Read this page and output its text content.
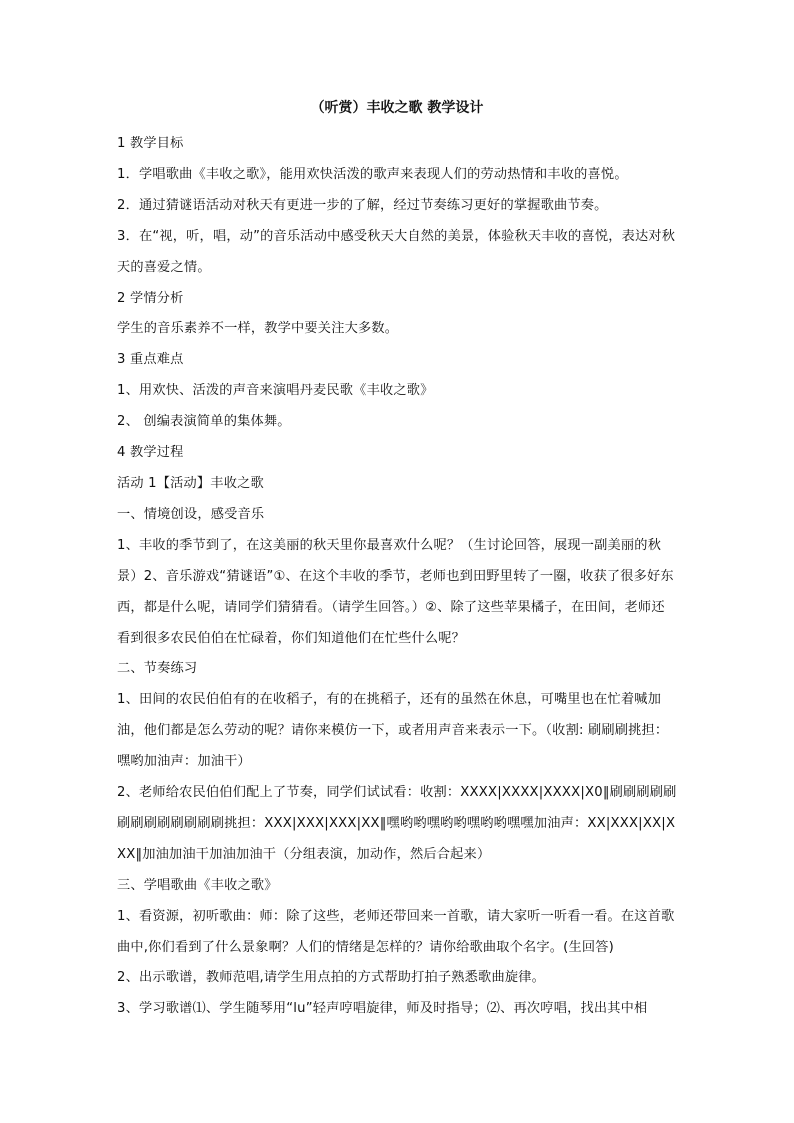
（听赏）丰收之歌 教学设计

1 教学目标

1．学唱歌曲《丰收之歌》，能用欢快活泼的歌声来表现人们的劳动热情和丰收的喜悦。

2．通过猜谜语活动对秋天有更进一步的了解，经过节奏练习更好的掌握歌曲节奏。

3．在“视，听，唱，动”的音乐活动中感受秋天大自然的美景，体验秋天丰收的喜悦，表达对秋天的喜爱之情。

2 学情分析

学生的音乐素养不一样，教学中要关注大多数。

3 重点难点

1、用欢快、活泼的声音来演唱丹麦民歌《丰收之歌》

2、 创编表演简单的集体舞。

4 教学过程

活动 1【活动】丰收之歌

一、情境创设，感受音乐

1、丰收的季节到了，在这美丽的秋天里你最喜欢什么呢？（生讨论回答，展现一副美丽的秋景）2、音乐游戏“猜谜语”①、在这个丰收的季节，老师也到田野里转了一圈，收获了很多好东西，都是什么呢，请同学们猜猜看。（请学生回答。）②、除了这些苹果橘子，在田间，老师还看到很多农民伯伯在忙碌着，你们知道他们在忙些什么呢？

二、节奏练习

1、田间的农民伯伯有的在收稻子，有的在挑稻子，还有的虽然在休息，可嘴里也在忙着喊加油，他们都是怎么劳动的呢？请你来模仿一下，或者用声音来表示一下。（收割: 刷刷刷挑担：嘿哟加油声：加油干）

2、老师给农民伯伯们配上了节奏，同学们试试看：收割：XXXX|XXXX|XXXX|X0‖刷刷刷刷刷刷刷刷刷刷刷刷刷挑担：XXX|XXX|XXX|XX‖嘿哟哟嘿哟哟嘿哟哟嘿嘿加油声：XX|XXX|XX|XXX‖加油加油干加油加油干（分组表演，加动作，然后合起来）

三、学唱歌曲《丰收之歌》

1、看资源，初听歌曲：师：除了这些，老师还带回来一首歌，请大家听一听看一看。在这首歌曲中,你们看到了什么景象啊？人们的情绪是怎样的？请你给歌曲取个名字。(生回答)

2、出示歌谱，教师范唱,请学生用点拍的方式帮助打拍子熟悉歌曲旋律。

3、学习歌谱⑴、学生随琴用“lu”轻声哼唱旋律，师及时指导；⑵、再次哼唱，找出其中相
